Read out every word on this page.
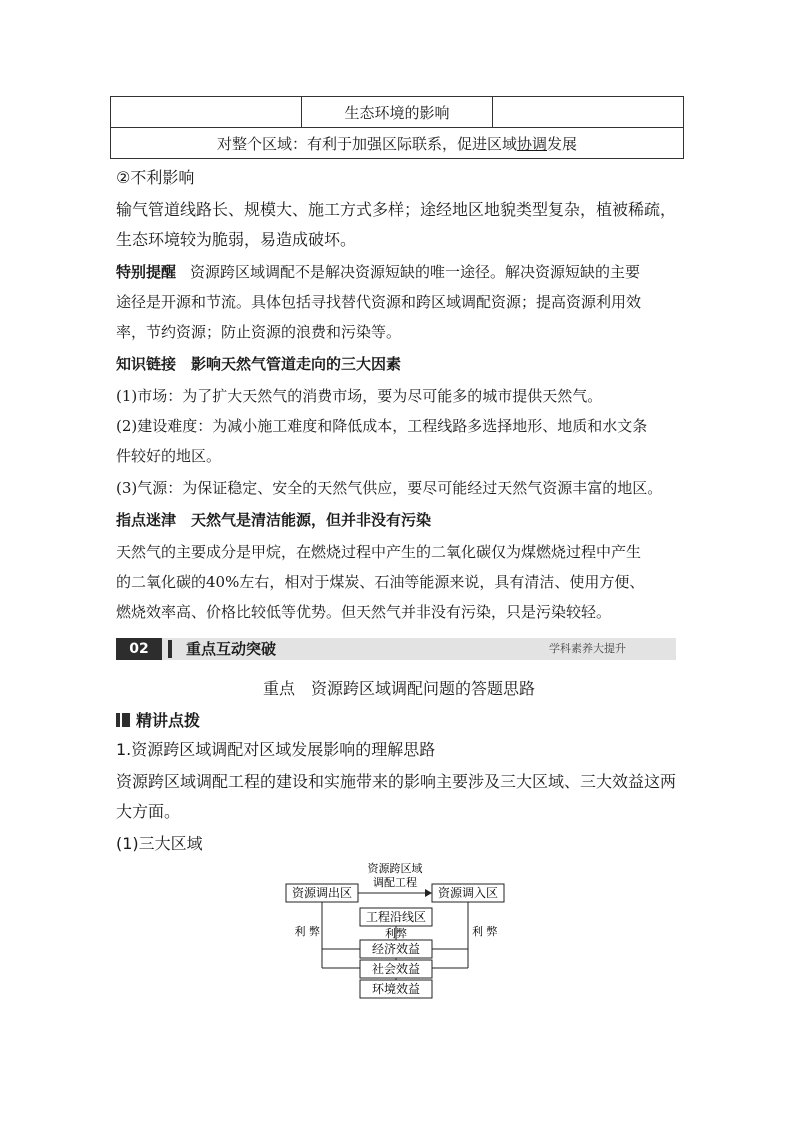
	生态环境的影响	
对整个区域：有利于加强区际联系，促进区域协调发展
②不利影响
输气管道线路长、规模大、施工方式多样；途经地区地貌类型复杂，植被稀疏，
生态环境较为脆弱，易造成破坏。
特别提醒 资源跨区域调配不是解决资源短缺的唯一途径。解决资源短缺的主要
途径是开源和节流。具体包括寻找替代资源和跨区域调配资源；提高资源利用效
率，节约资源；防止资源的浪费和污染等。
知识链接　 影响天然气管道走向的三大因素
(1)市场：为了扩大天然气的消费市场，要为尽可能多的城市提供天然气。
(2)建设难度：为减小施工难度和降低成本，工程线路多选择地形、地质和水文条
件较好的地区。
(3)气源：为保证稳定、安全的天然气供应，要尽可能经过天然气资源丰富的地区。
指点迷津　 天然气是清洁能源，但并非没有污染
天然气的主要成分是甲烷，在燃烧过程中产生的二氧化碳仅为煤燃烧过程中产生
的二氧化碳的40%左右，相对于煤炭、石油等能源来说，具有清洁、使用方便、
燃烧效率高、价格比较低等优势。但天然气并非没有污染，只是污染较轻。
02	重点互动突破	学科素养大提升
重点　资源跨区域调配问题的答题思路
精讲点拨
1.资源跨区域调配对区域发展影响的理解思路
资源跨区域调配工程的建设和实施带来的影响主要涉及三大区域、三大效益这两
大方面。
(1)三大区域
资源跨区域
调配工程
资源调出区	资源调入区
工程沿线区
利弊
利 弊	利 弊
经济效益
社会效益
环境效益
